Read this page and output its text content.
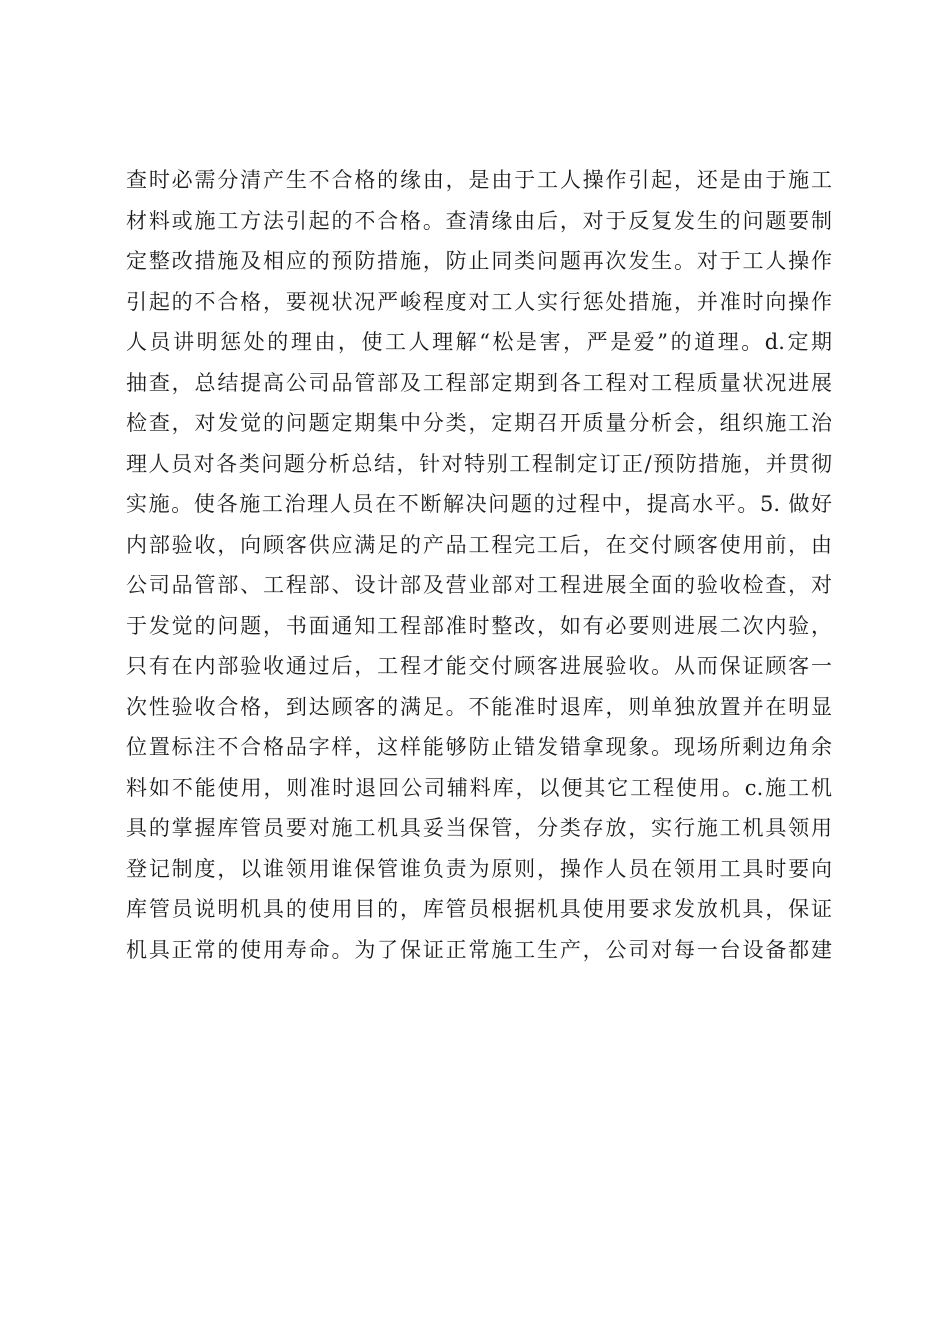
查时必需分清产生不合格的缘由，是由于工人操作引起，还是由于施工
材料或施工方法引起的不合格。查清缘由后，对于反复发生的问题要制
定整改措施及相应的预防措施，防止同类问题再次发生。对于工人操作
引起的不合格，要视状况严峻程度对工人实行惩处措施，并准时向操作
人员讲明惩处的理由，使工人理解“松是害，严是爱”的道理。d.定期
抽查，总结提高公司品管部及工程部定期到各工程对工程质量状况进展
检查，对发觉的问题定期集中分类，定期召开质量分析会，组织施工治
理人员对各类问题分析总结，针对特别工程制定订正/预防措施，并贯彻
实施。使各施工治理人员在不断解决问题的过程中，提高水平。5. 做好
内部验收，向顾客供应满足的产品工程完工后，在交付顾客使用前，由
公司品管部、工程部、设计部及营业部对工程进展全面的验收检查，对
于发觉的问题，书面通知工程部准时整改，如有必要则进展二次内验，
只有在内部验收通过后，工程才能交付顾客进展验收。从而保证顾客一
次性验收合格，到达顾客的满足。不能准时退库，则单独放置并在明显
位置标注不合格品字样，这样能够防止错发错拿现象。现场所剩边角余
料如不能使用，则准时退回公司辅料库，以便其它工程使用。c.施工机
具的掌握库管员要对施工机具妥当保管，分类存放，实行施工机具领用
登记制度，以谁领用谁保管谁负责为原则，操作人员在领用工具时要向
库管员说明机具的使用目的，库管员根据机具使用要求发放机具，保证
机具正常的使用寿命。为了保证正常施工生产，公司对每一台设备都建
